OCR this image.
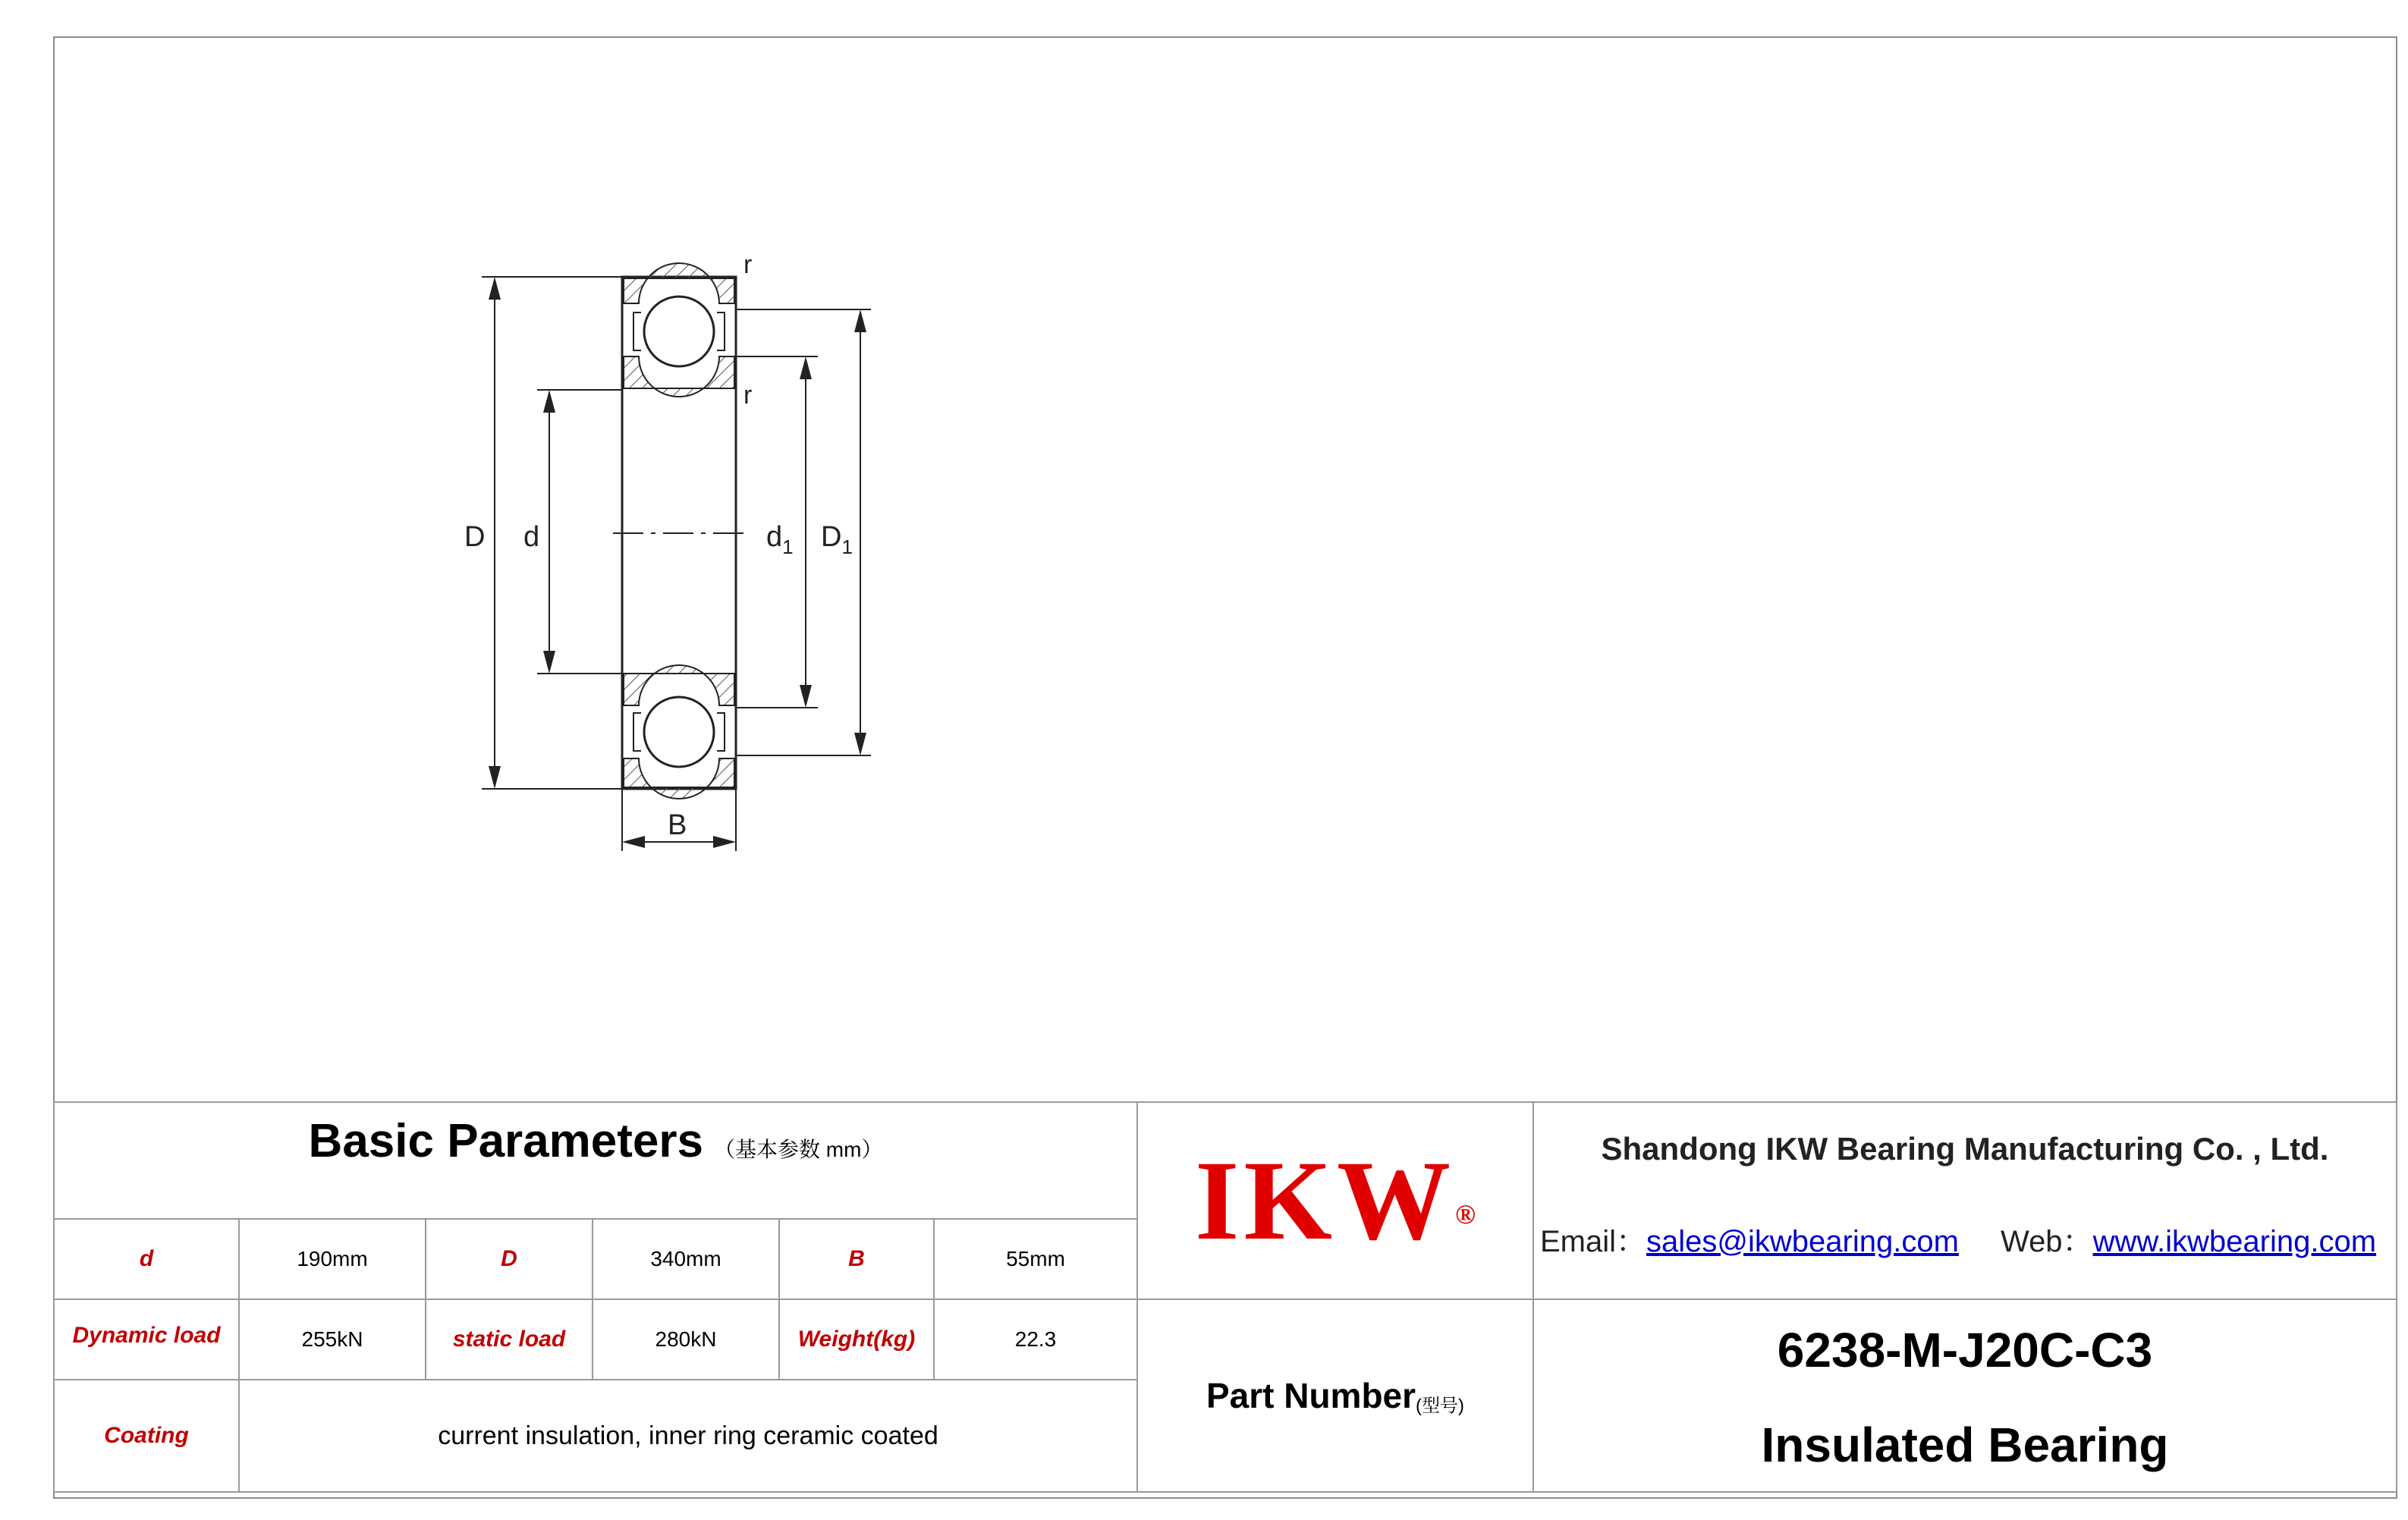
D d	$d_1$ $D_1$
B
r
r
Basic Parameters （基本参数 mm）
d	190mm	D	340mm	B	55mm
Dynamic load	255kN	static load	280kN	Weight(kg)	22.3
Coating	current insulation, inner ring ceramic coated
IKW ®
Part Number (型号)
Shandong IKW Bearing Manufacturing Co. , Ltd.
Email：sales@ikwbearing.com Web：www.ikwbearing.com
6238-M-J20C-C3
Insulated Bearing
